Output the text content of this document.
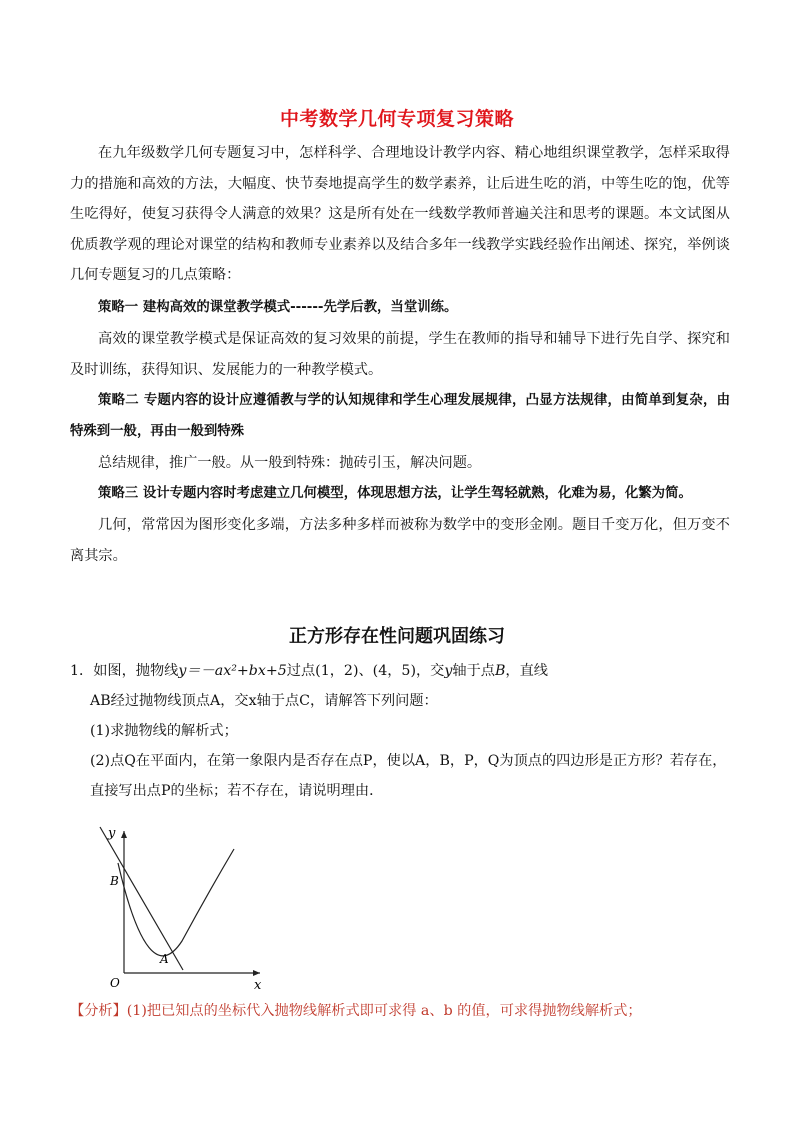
中考数学几何专项复习策略
在九年级数学几何专题复习中，怎样科学、合理地设计教学内容、精心地组织课堂教学，怎样采取得力的措施和高效的方法，大幅度、快节奏地提高学生的数学素养，让后进生吃的消，中等生吃的饱，优等生吃得好，使复习获得令人满意的效果？这是所有处在一线数学教师普遍关注和思考的课题。本文试图从优质教学观的理论对课堂的结构和教师专业素养以及结合多年一线教学实践经验作出阐述、探究，举例谈几何专题复习的几点策略：
策略一 建构高效的课堂教学模式------先学后教，当堂训练。
高效的课堂教学模式是保证高效的复习效果的前提，学生在教师的指导和辅导下进行先自学、探究和及时训练，获得知识、发展能力的一种教学模式。
策略二 专题内容的设计应遵循教与学的认知规律和学生心理发展规律，凸显方法规律，由简单到复杂，由特殊到一般，再由一般到特殊
总结规律，推广一般。从一般到特殊：抛砖引玉，解决问题。
策略三 设计专题内容时考虑建立几何模型，体现思想方法，让学生驾轻就熟，化难为易，化繁为简。
几何，常常因为图形变化多端，方法多种多样而被称为数学中的变形金刚。题目千变万化，但万变不离其宗。
正方形存在性问题巩固练习
1．如图，抛物线y＝－ax²+bx+5过点(1，2)、(4，5)，交y轴于点B，直线
AB经过抛物线顶点A，交x轴于点C，请解答下列问题：
(1)求抛物线的解析式；
(2)点Q在平面内，在第一象限内是否存在点P，使以A，B，P，Q为顶点的四边形是正方形？若存在，直接写出点P的坐标；若不存在，请说明理由．
y
x
O
B
A
【分析】(1)把已知点的坐标代入抛物线解析式即可求得 a、b 的值，可求得抛物线解析式；
